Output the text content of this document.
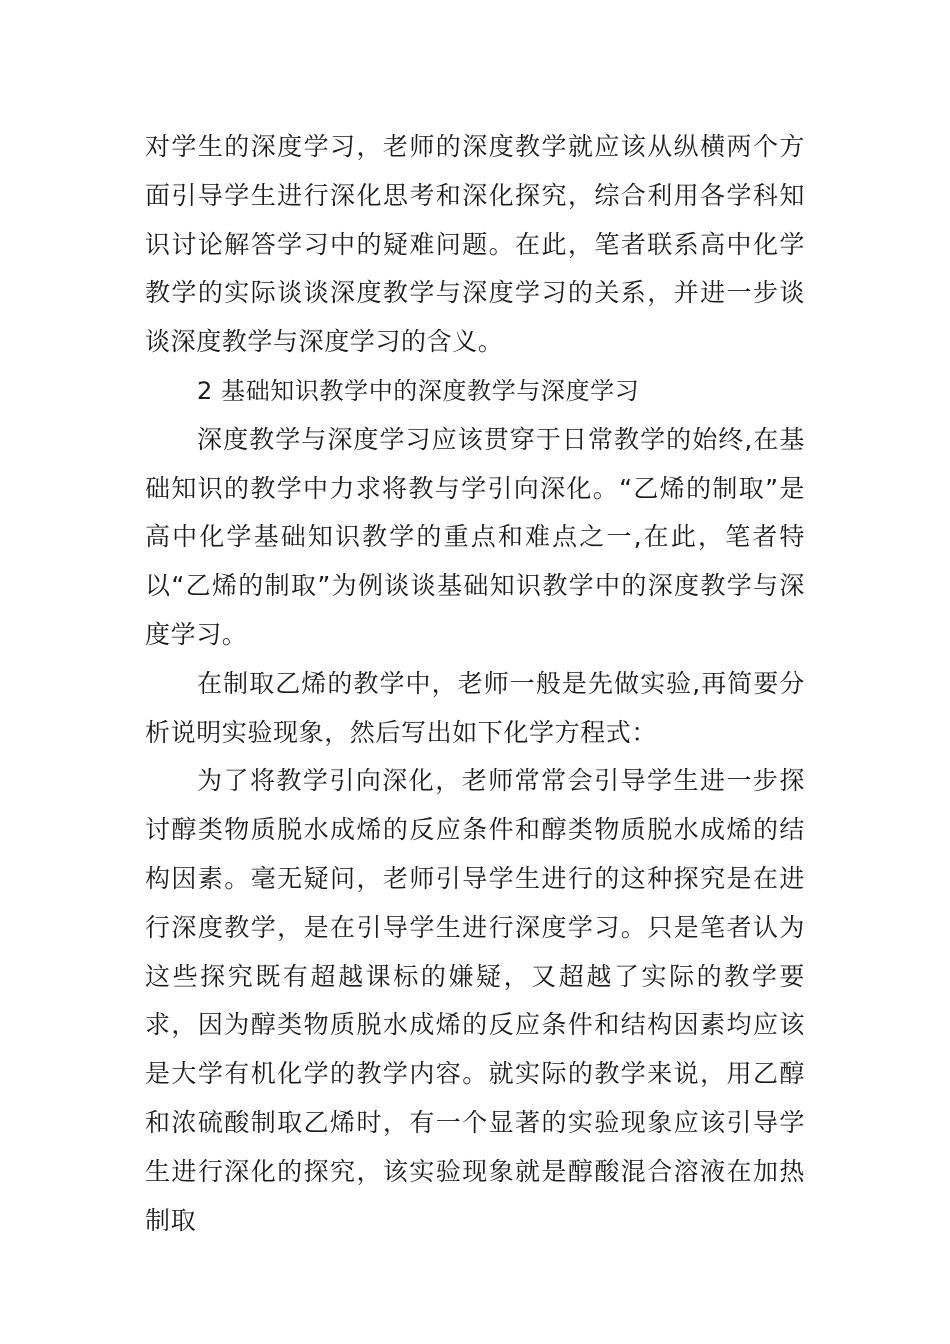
对学生的深度学习，老师的深度教学就应该从纵横两个方面引导学生进行深化思考和深化探究，综合利用各学科知识讨论解答学习中的疑难问题。在此，笔者联系高中化学教学的实际谈谈深度教学与深度学习的关系，并进一步谈谈深度教学与深度学习的含义。

2 基础知识教学中的深度教学与深度学习

深度教学与深度学习应该贯穿于日常教学的始终,在基础知识的教学中力求将教与学引向深化。“乙烯的制取”是高中化学基础知识教学的重点和难点之一,在此，笔者特以“乙烯的制取”为例谈谈基础知识教学中的深度教学与深度学习。

在制取乙烯的教学中，老师一般是先做实验,再简要分析说明实验现象，然后写出如下化学方程式：

为了将教学引向深化，老师常常会引导学生进一步探讨醇类物质脱水成烯的反应条件和醇类物质脱水成烯的结构因素。毫无疑问，老师引导学生进行的这种探究是在进行深度教学，是在引导学生进行深度学习。只是笔者认为这些探究既有超越课标的嫌疑，又超越了实际的教学要求，因为醇类物质脱水成烯的反应条件和结构因素均应该是大学有机化学的教学内容。就实际的教学来说，用乙醇和浓硫酸制取乙烯时，有一个显著的实验现象应该引导学生进行深化的探究，该实验现象就是醇酸混合溶液在加热制取
